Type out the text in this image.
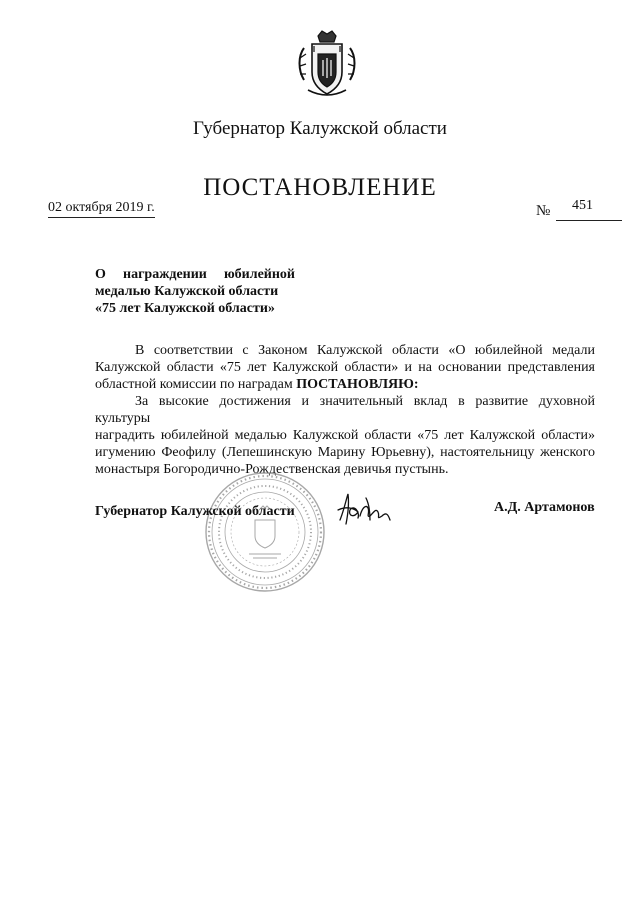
Губернатор Калужской области
ПОСТАНОВЛЕНИЕ
02 октября 2019 г.	№ 451
О награждении юбилейной
медалью Калужской области
«75 лет Калужской области»
В соответствии с Законом Калужской области «О юбилейной медали
Калужской области «75 лет Калужской области» и на основании представления
областной комиссии по наградам ПОСТАНОВЛЯЮ:
За высокие достижения и значительный вклад в развитие духовной культуры
наградить юбилейной медалью Калужской области «75 лет Калужской области»
игумению Феофилу (Лепешинскую Марину Юрьевну), настоятельницу женского
монастыря Богородично-Рождественская девичья пустынь.
Губернатор Калужской области	А.Д. Артамонов
